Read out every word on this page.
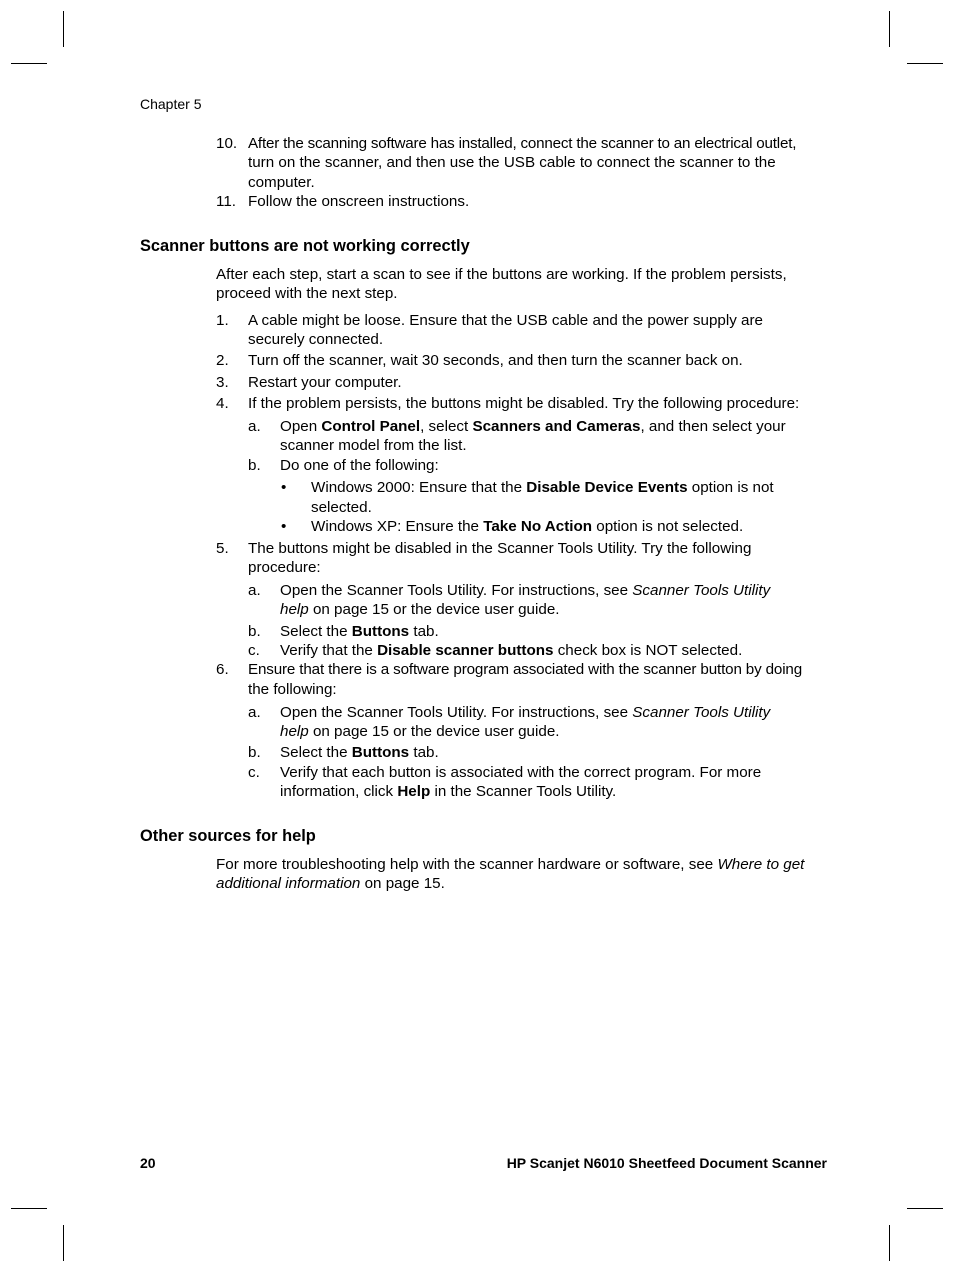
Chapter 5
10. After the scanning software has installed, connect the scanner to an electrical outlet,
turn on the scanner, and then use the USB cable to connect the scanner to the
computer.
11. Follow the onscreen instructions.
Scanner buttons are not working correctly
After each step, start a scan to see if the buttons are working. If the problem persists,
proceed with the next step.
1. A cable might be loose. Ensure that the USB cable and the power supply are
securely connected.
2. Turn off the scanner, wait 30 seconds, and then turn the scanner back on.
3. Restart your computer.
4. If the problem persists, the buttons might be disabled. Try the following procedure:
a. Open Control Panel, select Scanners and Cameras, and then select your
scanner model from the list.
b. Do one of the following:
• Windows 2000: Ensure that the Disable Device Events option is not
selected.
• Windows XP: Ensure the Take No Action option is not selected.
5. The buttons might be disabled in the Scanner Tools Utility. Try the following
procedure:
a. Open the Scanner Tools Utility. For instructions, see Scanner Tools Utility
help on page 15 or the device user guide.
b. Select the Buttons tab.
c. Verify that the Disable scanner buttons check box is NOT selected.
6. Ensure that there is a software program associated with the scanner button by doing
the following:
a. Open the Scanner Tools Utility. For instructions, see Scanner Tools Utility
help on page 15 or the device user guide.
b. Select the Buttons tab.
c. Verify that each button is associated with the correct program. For more
information, click Help in the Scanner Tools Utility.
Other sources for help
For more troubleshooting help with the scanner hardware or software, see Where to get
additional information on page 15.
20	HP Scanjet N6010 Sheetfeed Document Scanner
